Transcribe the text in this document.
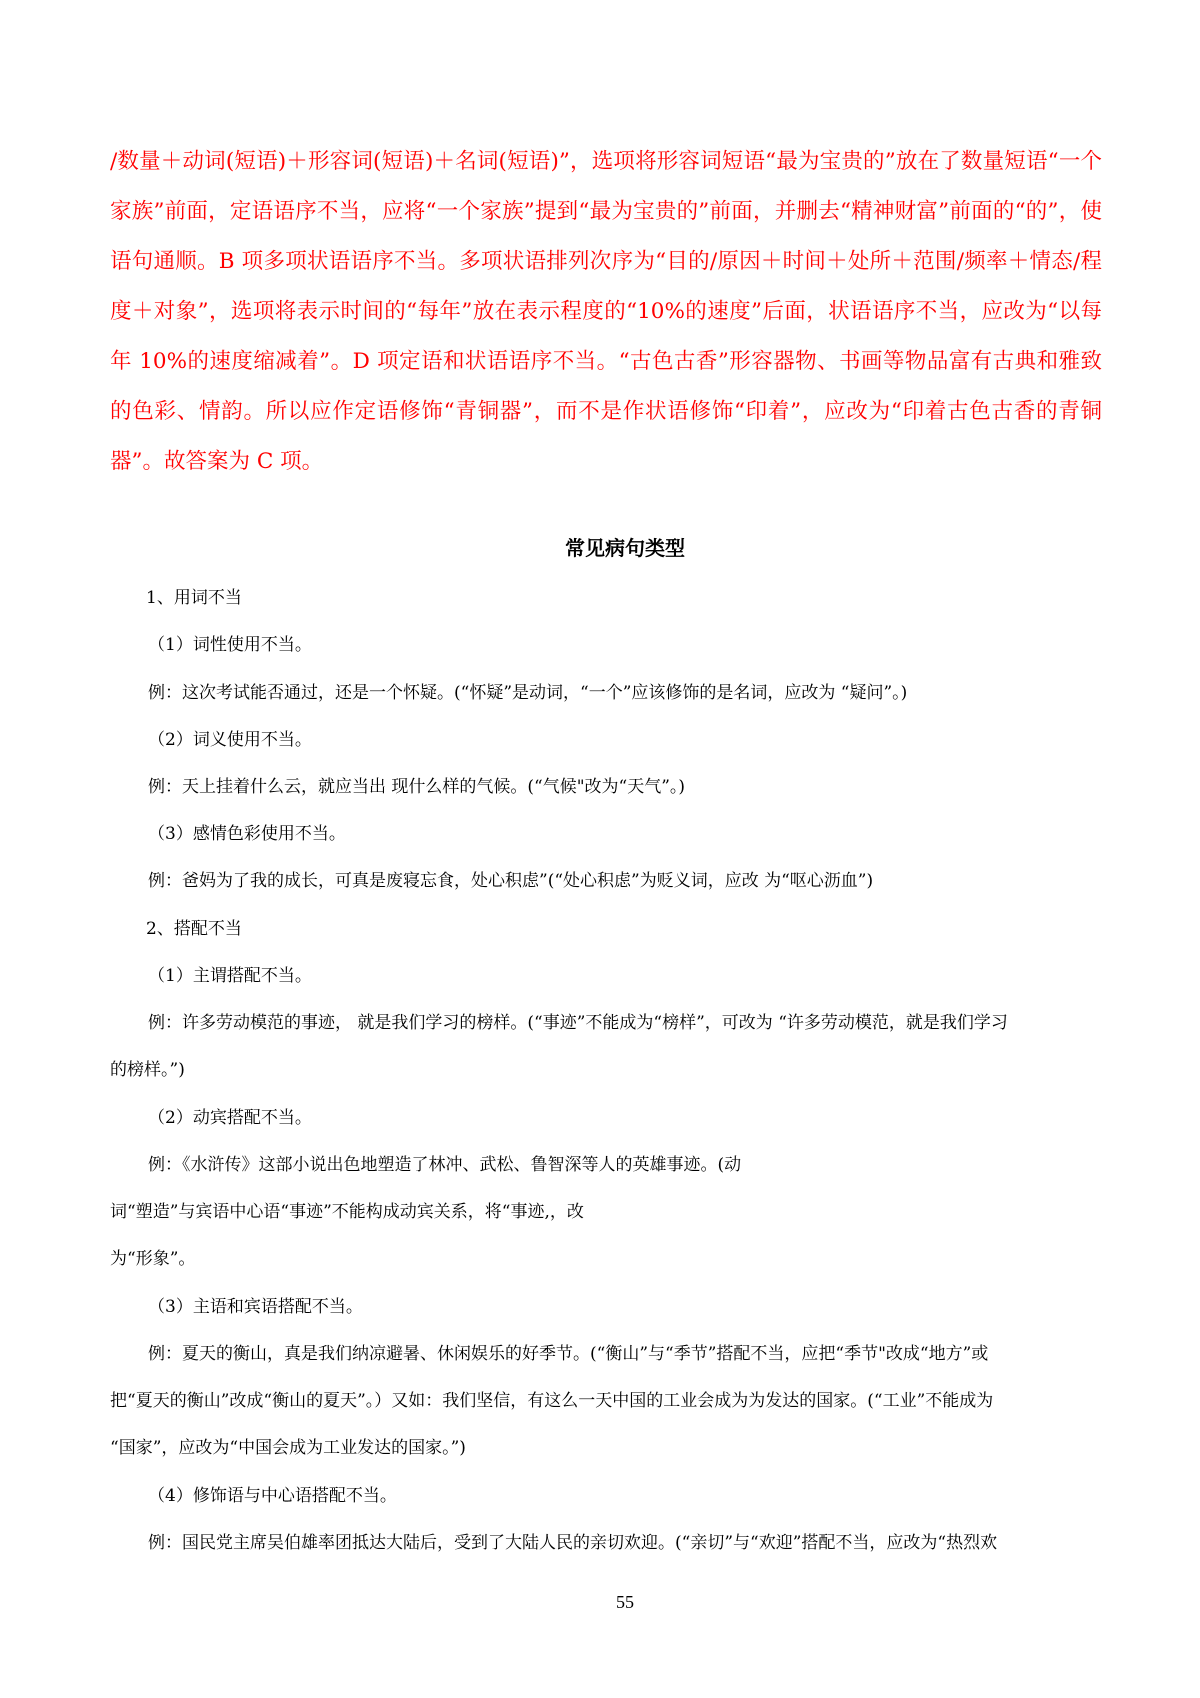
/数量＋动词(短语)＋形容词(短语)＋名词(短语)”，选项将形容词短语“最为宝贵的”放在了数量短语“一个家族”前面，定语语序不当，应将“一个家族”提到“最为宝贵的”前面，并删去“精神财富”前面的“的”，使语句通顺。B 项多项状语语序不当。多项状语排列次序为“目的/原因＋时间＋处所＋范围/频率＋情态/程度＋对象”，选项将表示时间的“每年”放在表示程度的“10%的速度”后面，状语语序不当，应改为“以每年 10%的速度缩减着”。D 项定语和状语语序不当。“古色古香”形容器物、书画等物品富有古典和雅致的色彩、情韵。所以应作定语修饰“青铜器”，而不是作状语修饰“印着”，应改为“印着古色古香的青铜器”。故答案为 C 项。

常见病句类型
1、用词不当
（1）词性使用不当。
例：这次考试能否通过，还是一个怀疑。(“怀疑”是动词，“一个”应该修饰的是名词，应改为 “疑问”。)
（2）词义使用不当。
例：天上挂着什么云，就应当出 现什么样的气候。(“气候"改为“天气”。)
（3）感情色彩使用不当。
例：爸妈为了我的成长，可真是废寝忘食，处心积虑”(“处心积虑”为贬义词，应改 为“呕心沥血”)
2、搭配不当
（1）主谓搭配不当。
例：许多劳动模范的事迹， 就是我们学习的榜样。(“事迹”不能成为“榜样”，可改为 “许多劳动模范，就是我们学习
的榜样。”)
（2）动宾搭配不当。
例：《水浒传》这部小说出色地塑造了林冲、武松、鲁智深等人的英雄事迹。(动
词“塑造”与宾语中心语“事迹”不能构成动宾关系，将“事迹,，改
为“形象”。
（3）主语和宾语搭配不当。
例：夏天的衡山，真是我们纳凉避暑、休闲娱乐的好季节。(“衡山”与“季节”搭配不当，应把“季节"改成“地方”或
把“夏天的衡山”改成“衡山的夏天”。）又如：我们坚信，有这么一天中国的工业会成为为发达的国家。(“工业”不能成为
“国家”，应改为“中国会成为工业发达的国家。”)
（4）修饰语与中心语搭配不当。
例：国民党主席吴伯雄率团抵达大陆后，受到了大陆人民的亲切欢迎。(“亲切”与“欢迎”搭配不当，应改为“热烈欢
55
